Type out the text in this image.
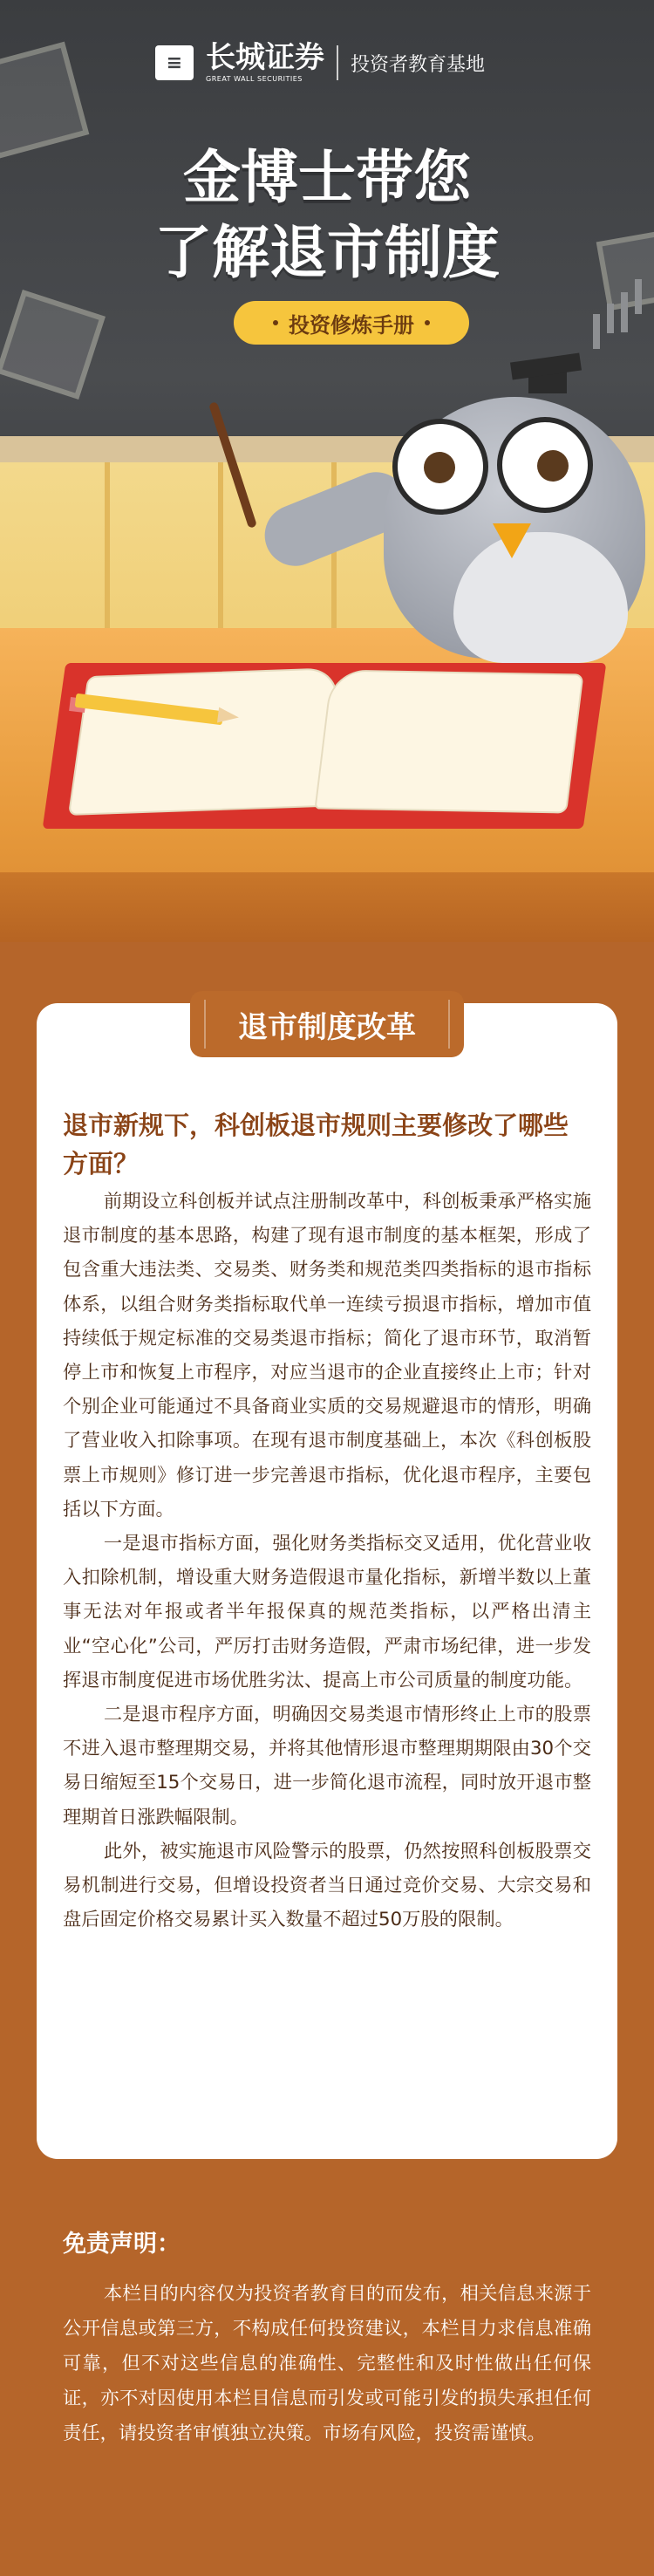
≡ 长城证券
GREAT WALL SECURITIES
投资者教育基地
金博士带您
了解退市制度
投资修炼手册
退市制度改革
退市新规下，科创板退市规则主要修改了哪些方面？

前期设立科创板并试点注册制改革中，科创板秉承严格实施退市制度的基本思路，构建了现有退市制度的基本框架，形成了包含重大违法类、交易类、财务类和规范类四类指标的退市指标体系，以组合财务类指标取代单一连续亏损退市指标，增加市值持续低于规定标准的交易类退市指标；简化了退市环节，取消暂停上市和恢复上市程序，对应当退市的企业直接终止上市；针对个别企业可能通过不具备商业实质的交易规避退市的情形，明确了营业收入扣除事项。在现有退市制度基础上，本次《科创板股票上市规则》修订进一步完善退市指标，优化退市程序，主要包括以下方面。

一是退市指标方面，强化财务类指标交叉适用，优化营业收入扣除机制，增设重大财务造假退市量化指标，新增半数以上董事无法对年报或者半年报保真的规范类指标，以严格出清主业“空心化”公司，严厉打击财务造假，严肃市场纪律，进一步发挥退市制度促进市场优胜劣汰、提高上市公司质量的制度功能。

二是退市程序方面，明确因交易类退市情形终止上市的股票不进入退市整理期交易，并将其他情形退市整理期期限由30个交易日缩短至15个交易日，进一步简化退市流程，同时放开退市整理期首日涨跌幅限制。

此外，被实施退市风险警示的股票，仍然按照科创板股票交易机制进行交易，但增设投资者当日通过竞价交易、大宗交易和盘后固定价格交易累计买入数量不超过50万股的限制。

免责声明：
本栏目的内容仅为投资者教育目的而发布，相关信息来源于公开信息或第三方，不构成任何投资建议，本栏目力求信息准确可靠，但不对这些信息的准确性、完整性和及时性做出任何保证，亦不对因使用本栏目信息而引发或可能引发的损失承担任何责任，请投资者审慎独立决策。市场有风险，投资需谨慎。
